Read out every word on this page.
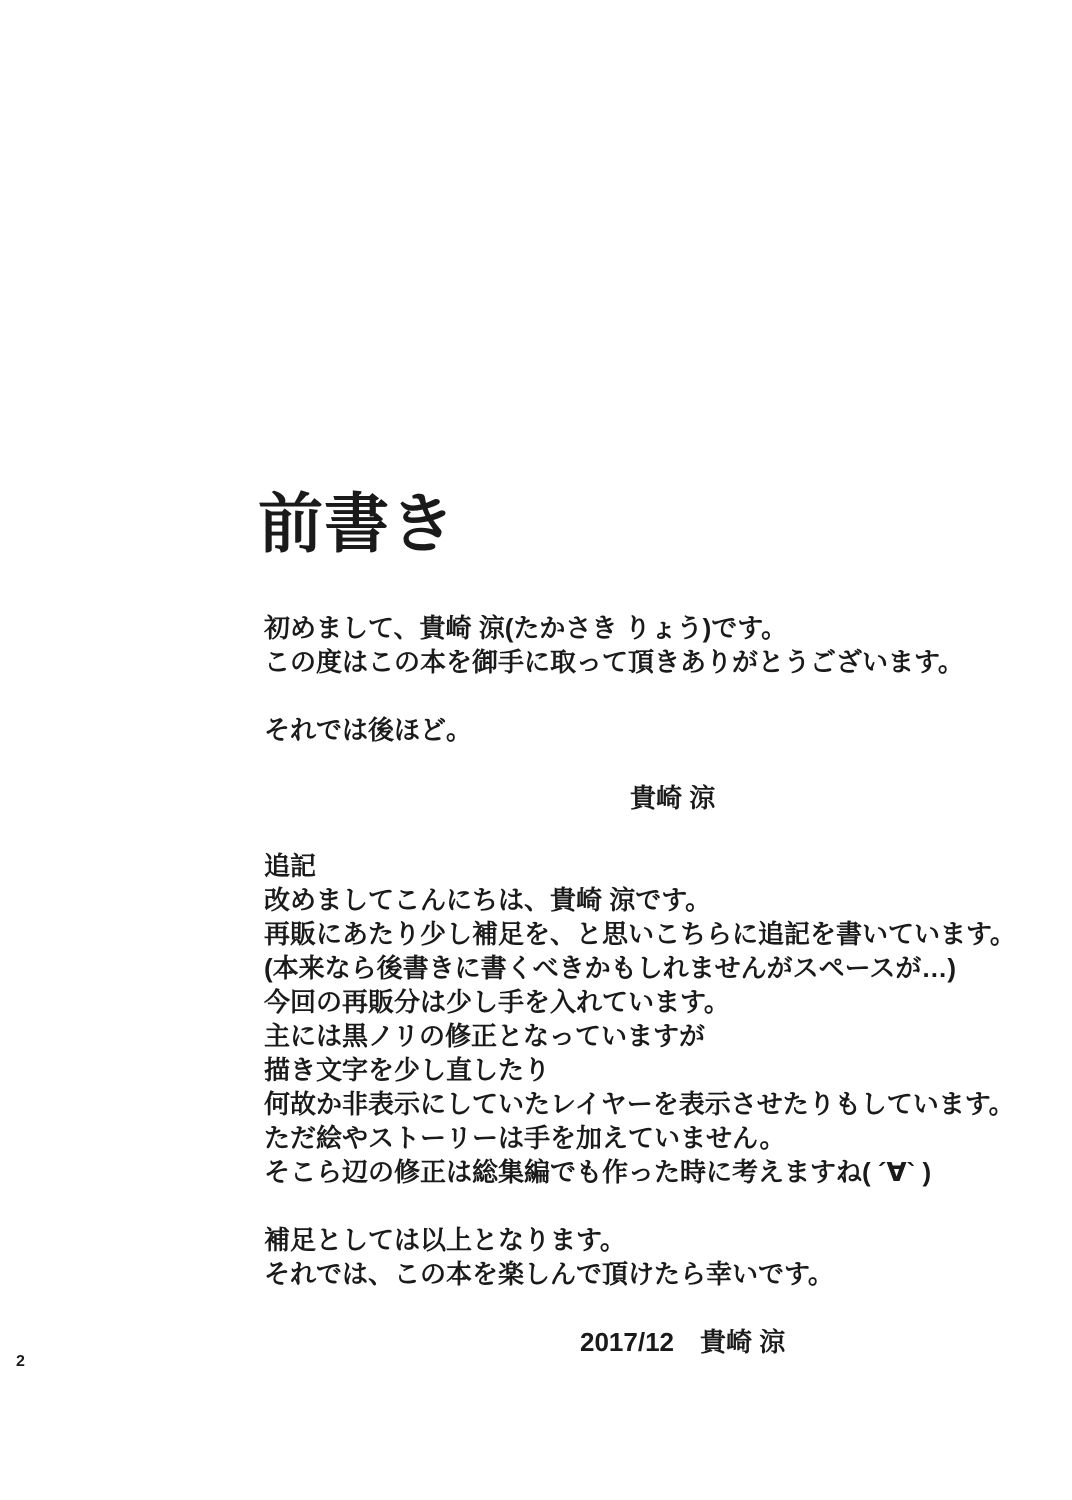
前書き
初めまして、貴崎 涼(たかさき りょう)です。
この度はこの本を御手に取って頂きありがとうございます。
それでは後ほど。
貴崎 涼
追記
改めましてこんにちは、貴崎 涼です。
再販にあたり少し補足を、と思いこちらに追記を書いています。
(本来なら後書きに書くべきかもしれませんがスペースが…)
今回の再販分は少し手を入れています。
主には黒ノリの修正となっていますが
描き文字を少し直したり
何故か非表示にしていたレイヤーを表示させたりもしています。
ただ絵やストーリーは手を加えていません。
そこら辺の修正は総集編でも作った時に考えますね( ´∀` )
補足としては以上となります。
それでは、この本を楽しんで頂けたら幸いです。
2017/12　貴崎 涼
2
